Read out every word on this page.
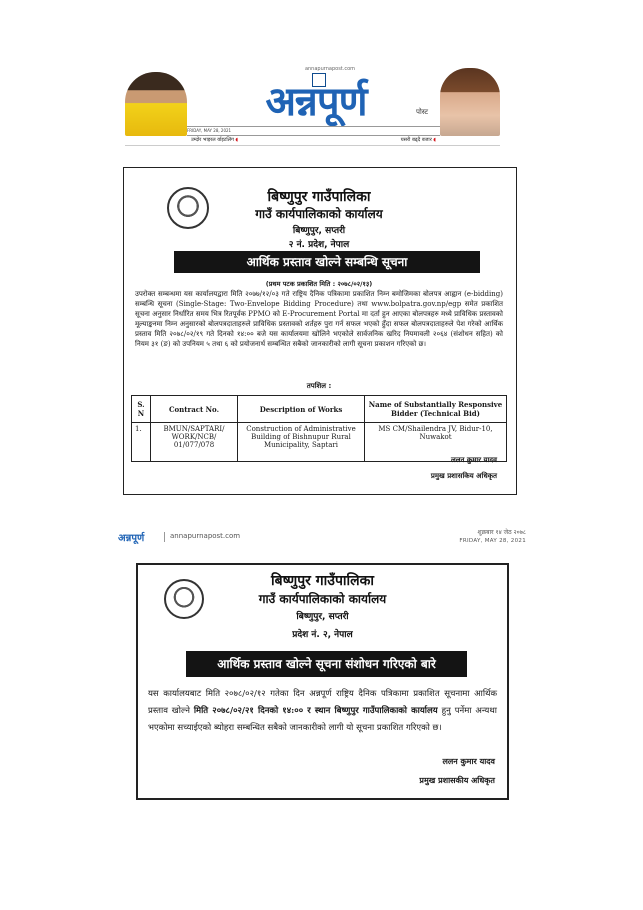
annapurnapost.com
अन्नपूर्ण	पोस्ट
FRIDAY, MAY 28, 2021
उम्दोर भाइरल र्याइटलिंग ◖	यसरी बढ्दै बजार ◖
बिष्णुपुर गाउँपालिका
गाउँ कार्यपालिकाको कार्यालय
बिष्णुपुर, सप्तरी
२ नं. प्रदेश, नेपाल
आर्थिक प्रस्ताव खोल्ने सम्बन्धि सूचना
(प्रथम पटक प्रकाशित मिति : २०७८/०२/१३)
उपरोक्त सम्बन्धमा यस कार्यालयद्वारा मिति २०७७/१२/०३ गते राष्ट्रिय दैनिक पत्रिकामा प्रकाशित निम्न बमोजिमका बोलपत्र आह्वान (e-bidding) सम्बन्धि सूचना (Single-Stage: Two-Envelope Bidding Procedure) तथा www.bolpatra.gov.np/egp समेत प्रकाशित सूचना अनुसार निर्धारित समय भित्र रितपूर्वक PPMO को E-Procurement Portal मा दर्ता हुन आएका बोलपत्रहरु मध्ये प्राविधिक प्रस्तावको मूल्याङ्कनमा निम्न अनुसारको बोलपत्रदाताहरुले प्राविधिक प्रस्तावको शर्तहरु पुरा गर्न सफल भएको हुँदा सफल बोलपत्रदाताहरुले पेश गरेको आर्थिक प्रस्ताव मिति २०७८/०२/१९ गते दिनको १४:०० बजे यस कार्यालयमा खोलिने भएकोले सार्वजनिक खरिद नियमावली २०६४ (संशोधन सहित) को नियम ३१ (ङ) को उपनियम ५ तथा ६ को प्रयोजनार्थ सम्बन्धित सबैको जानकारीको लागी सूचना प्रकाशन गरिएको छ।
तपशिल :
S. N	Contract No.	Description of Works	Name of Substantially Responsive Bidder (Technical Bid)
1.	BMUN/SAPTARI/ WORK/NCB/ 01/077/078	Construction of Administrative Building of Bishnupur Rural Municipality, Saptari	MS CM/Shailendra JV, Bidur-10, Nuwakot
ललन कुमार यादव
प्रमुख प्रशासकिय अधिकृत
अन्नपूर्ण	annapurnapost.com	शुक्रबार १४ जेठ २०७८
FRIDAY, MAY 28, 2021
बिष्णुपुर गाउँपालिका
गाउँ कार्यपालिकाको कार्यालय
बिष्णुपुर, सप्तरी
प्रदेश नं. २, नेपाल
आर्थिक प्रस्ताव खोल्ने सूचना संशोधन गरिएको बारे
यस कार्यालयबाट मिति २०७८/०२/१२ गतेका दिन अन्नपूर्ण राष्ट्रिय दैनिक पत्रिकामा प्रकाशित सूचनामा आर्थिक प्रस्ताव खोल्ने मिति २०७८/०२/२१ दिनको १४:०० र स्थान बिष्णुपुर गाउँपालिकाको कार्यालय हुनु पर्नेमा अन्यथा भएकोमा सच्याईएको ब्योहरा सम्बन्धित सबैको जानकारीको लागी यो सूचना प्रकाशित गरिएको छ।
ललन कुमार यादव
प्रमुख प्रशासकीय अधिकृत
